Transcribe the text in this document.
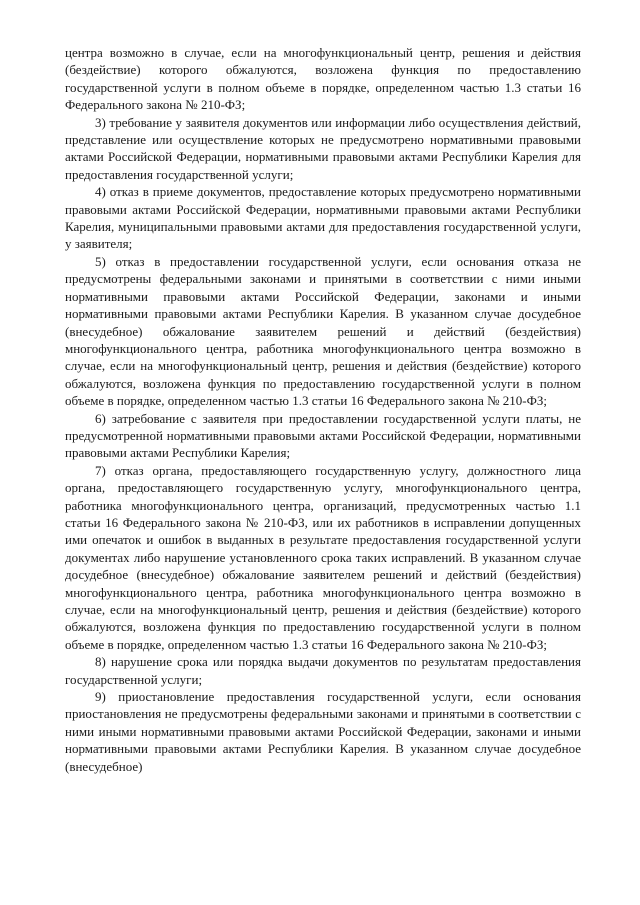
центра возможно в случае, если на многофункциональный центр, решения и действия (бездействие) которого обжалуются, возложена функция по предоставлению государственной услуги в полном объеме в порядке, определенном частью 1.3 статьи 16 Федерального закона № 210-ФЗ;

3) требование у заявителя документов или информации либо осуществления действий, представление или осуществление которых не предусмотрено нормативными правовыми актами Российской Федерации, нормативными правовыми актами Республики Карелия для предоставления государственной услуги;

4) отказ в приеме документов, предоставление которых предусмотрено нормативными правовыми актами Российской Федерации, нормативными правовыми актами Республики Карелия, муниципальными правовыми актами для предоставления государственной услуги, у заявителя;

5) отказ в предоставлении государственной услуги, если основания отказа не предусмотрены федеральными законами и принятыми в соответствии с ними иными нормативными правовыми актами Российской Федерации, законами и иными нормативными правовыми актами Республики Карелия. В указанном случае досудебное (внесудебное) обжалование заявителем решений и действий (бездействия) многофункционального центра, работника многофункционального центра возможно в случае, если на многофункциональный центр, решения и действия (бездействие) которого обжалуются, возложена функция по предоставлению государственной услуги в полном объеме в порядке, определенном частью 1.3 статьи 16 Федерального закона № 210-ФЗ;

6) затребование с заявителя при предоставлении государственной услуги платы, не предусмотренной нормативными правовыми актами Российской Федерации, нормативными правовыми актами Республики Карелия;

7) отказ органа, предоставляющего государственную услугу, должностного лица органа, предоставляющего государственную услугу, многофункционального центра, работника многофункционального центра, организаций, предусмотренных частью 1.1 статьи 16 Федерального закона № 210-ФЗ, или их работников в исправлении допущенных ими опечаток и ошибок в выданных в результате предоставления государственной услуги документах либо нарушение установленного срока таких исправлений. В указанном случае досудебное (внесудебное) обжалование заявителем решений и действий (бездействия) многофункционального центра, работника многофункционального центра возможно в случае, если на многофункциональный центр, решения и действия (бездействие) которого обжалуются, возложена функция по предоставлению государственной услуги в полном объеме в порядке, определенном частью 1.3 статьи 16 Федерального закона № 210-ФЗ;

8) нарушение срока или порядка выдачи документов по результатам предоставления государственной услуги;

9) приостановление предоставления государственной услуги, если основания приостановления не предусмотрены федеральными законами и принятыми в соответствии с ними иными нормативными правовыми актами Российской Федерации, законами и иными нормативными правовыми актами Республики Карелия. В указанном случае досудебное (внесудебное)
